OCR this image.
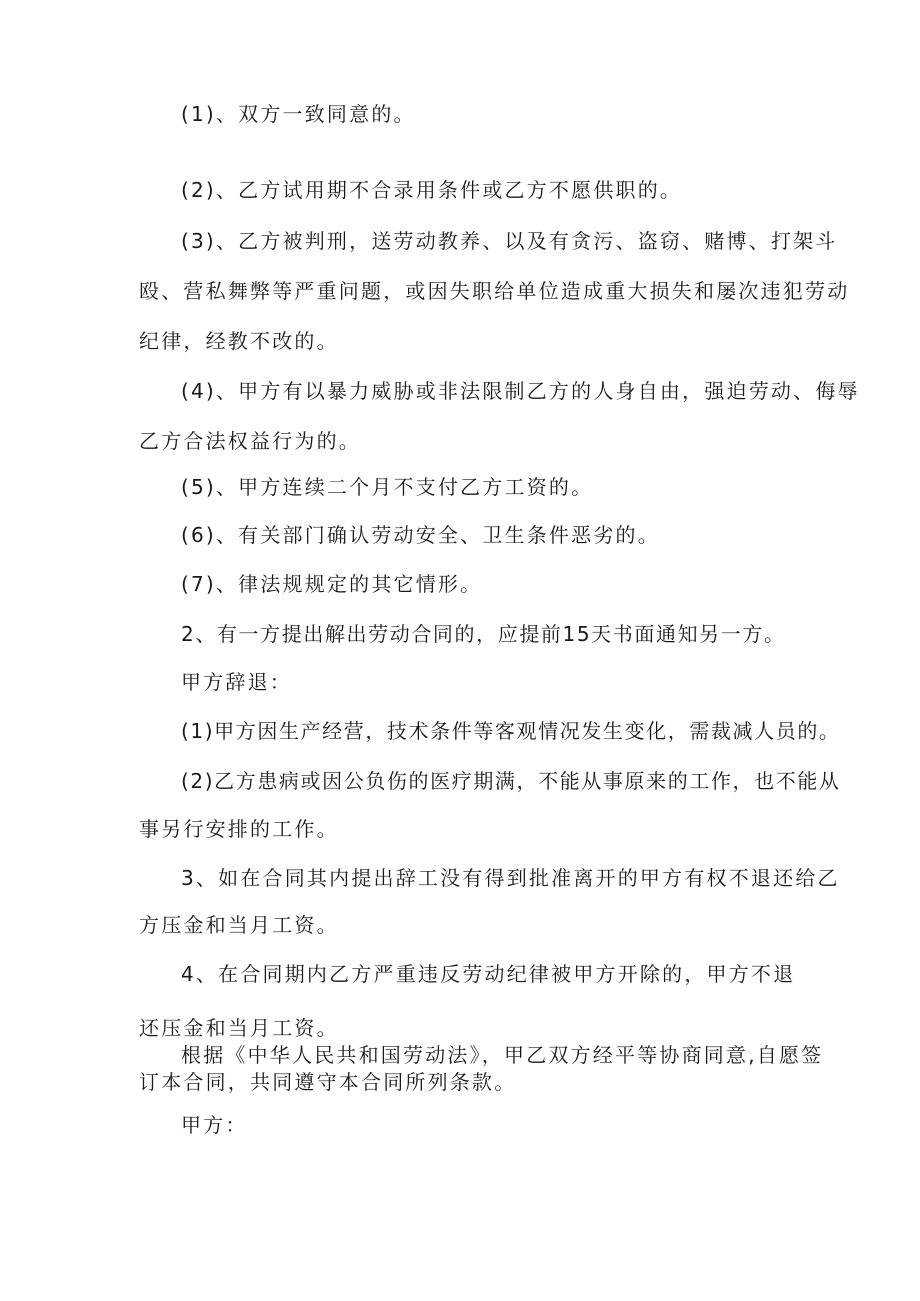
(1)、双方一致同意的。

(2)、乙方试用期不合录用条件或乙方不愿供职的。

(3)、乙方被判刑，送劳动教养、以及有贪污、盗窃、赌博、打架斗

殴、营私舞弊等严重问题，或因失职给单位造成重大损失和屡次违犯劳动

纪律，经教不改的。

(4)、甲方有以暴力威胁或非法限制乙方的人身自由，强迫劳动、侮辱

乙方合法权益行为的。

(5)、甲方连续二个月不支付乙方工资的。

(6)、有关部门确认劳动安全、卫生条件恶劣的。

(7)、律法规规定的其它情形。

2、有一方提出解出劳动合同的，应提前15天书面通知另一方。

甲方辞退：

(1)甲方因生产经营，技术条件等客观情况发生变化，需裁减人员的。

(2)乙方患病或因公负伤的医疗期满，不能从事原来的工作，也不能从

事另行安排的工作。

3、如在合同其内提出辞工没有得到批准离开的甲方有权不退还给乙

方压金和当月工资。

4、在合同期内乙方严重违反劳动纪律被甲方开除的，甲方不退

还压金和当月工资。

根据《中华人民共和国劳动法》，甲乙双方经平等协商同意,自愿签

订本合同，共同遵守本合同所列条款。

甲方：
